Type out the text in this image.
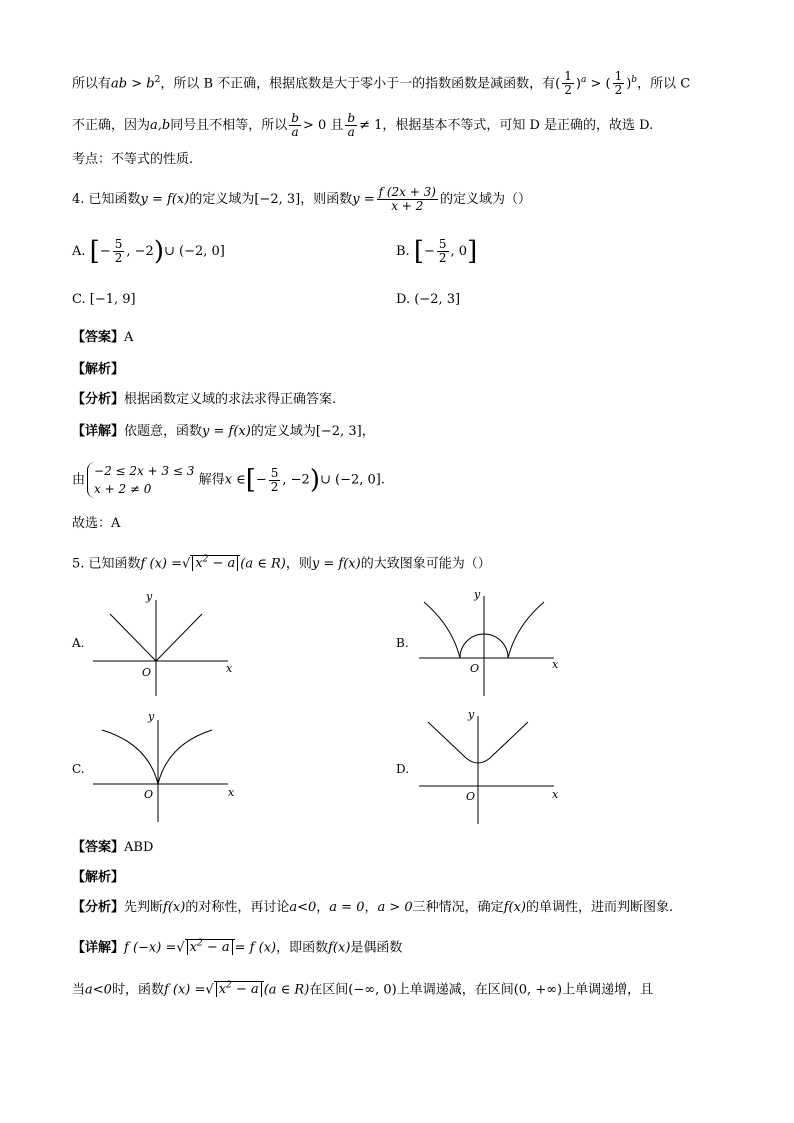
所以有ab > $b^2$，所以 B 不正确，根据底数是大于零小于一的指数函数是减函数，有( $\frac{1}{2} )^a$ > ( $\frac{1}{2} )^b$，所以 C
不正确，因为a,b同号且不相等，所以 $\frac{b}{a} > 0$ 且 $\frac{b}{a} \ne 1$，根据基本不等式，可知 D 是正确的，故选 D.
考点：不等式的性质.
4. 已知函数y = f(x)的定义域为[−2, 3]，则函数$y = \frac{f (2x + 3)}{x + 2}$ 的定义域为（）
A. [− $\frac{5}{2}$ , −2)∪ (−2, 0]	B. [− $\frac{5}{2}$ , 0]
C. [−1, 9]	D. (−2, 3]
【答案】A
【解析】
【分析】根据函数定义域的求法求得正确答案.
【详解】依题意，函数y = f(x)的定义域为[−2, 3]，
由
−2 ≤ 2x + 3 ≤ 3
x + 2 ≠ 0
解得x ∈[− $\frac{5}{2}$ , −2)∪ (−2, 0].
故选：A
5. 已知函数f (x) =√ $x^2 - a$ (a ∈ R)，则y = f(x)的大致图象可能为（）
A.
y
x
O
B.
y
x
O
C.
y
x
O
D.
y
x
O
【答案】ABD
【解析】
【分析】先判断f(x)的对称性，再讨论a<0，a = 0，a > 0三种情况，确定f(x)的单调性，进而判断图象.
【详解】f (−x) =√ $x^2 - a = f$ (x)，即函数f(x)是偶函数
当a<0时，函数f (x) =√ $x^2 - a$ (a ∈ R)在区间(−∞, 0)上单调递减，在区间(0, +∞)上单调递增，且
